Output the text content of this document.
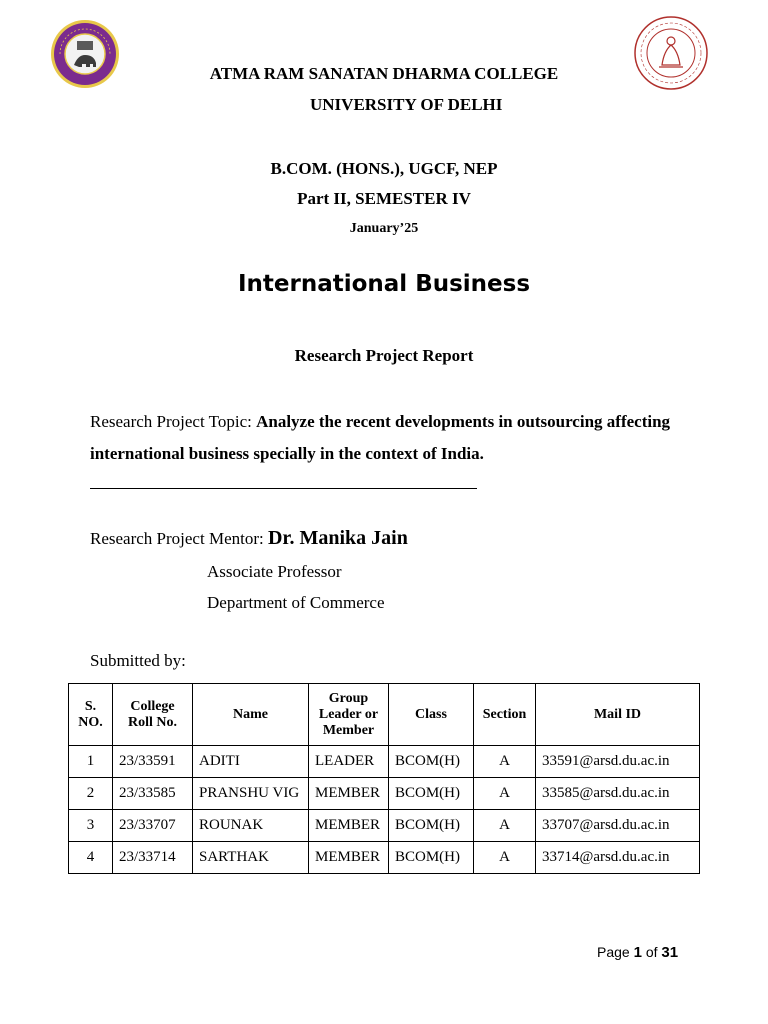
ATMA RAM SANATAN DHARMA COLLEGE
UNIVERSITY OF DELHI
B.COM. (HONS.), UGCF, NEP
Part II, SEMESTER IV
January’25
International Business
Research Project Report
Research Project Topic: Analyze the recent developments in outsourcing affecting international business specially in the context of India.
Research Project Mentor: Dr. Manika Jain
Associate Professor
Department of Commerce
Submitted by:
S. NO.	College Roll No.	Name	Group Leader or Member	Class	Section	Mail ID
1	23/33591	ADITI	LEADER	BCOM(H)	A	33591@arsd.du.ac.in
2	23/33585	PRANSHU VIG	MEMBER	BCOM(H)	A	33585@arsd.du.ac.in
3	23/33707	ROUNAK	MEMBER	BCOM(H)	A	33707@arsd.du.ac.in
4	23/33714	SARTHAK	MEMBER	BCOM(H)	A	33714@arsd.du.ac.in
Page 1 of 31
